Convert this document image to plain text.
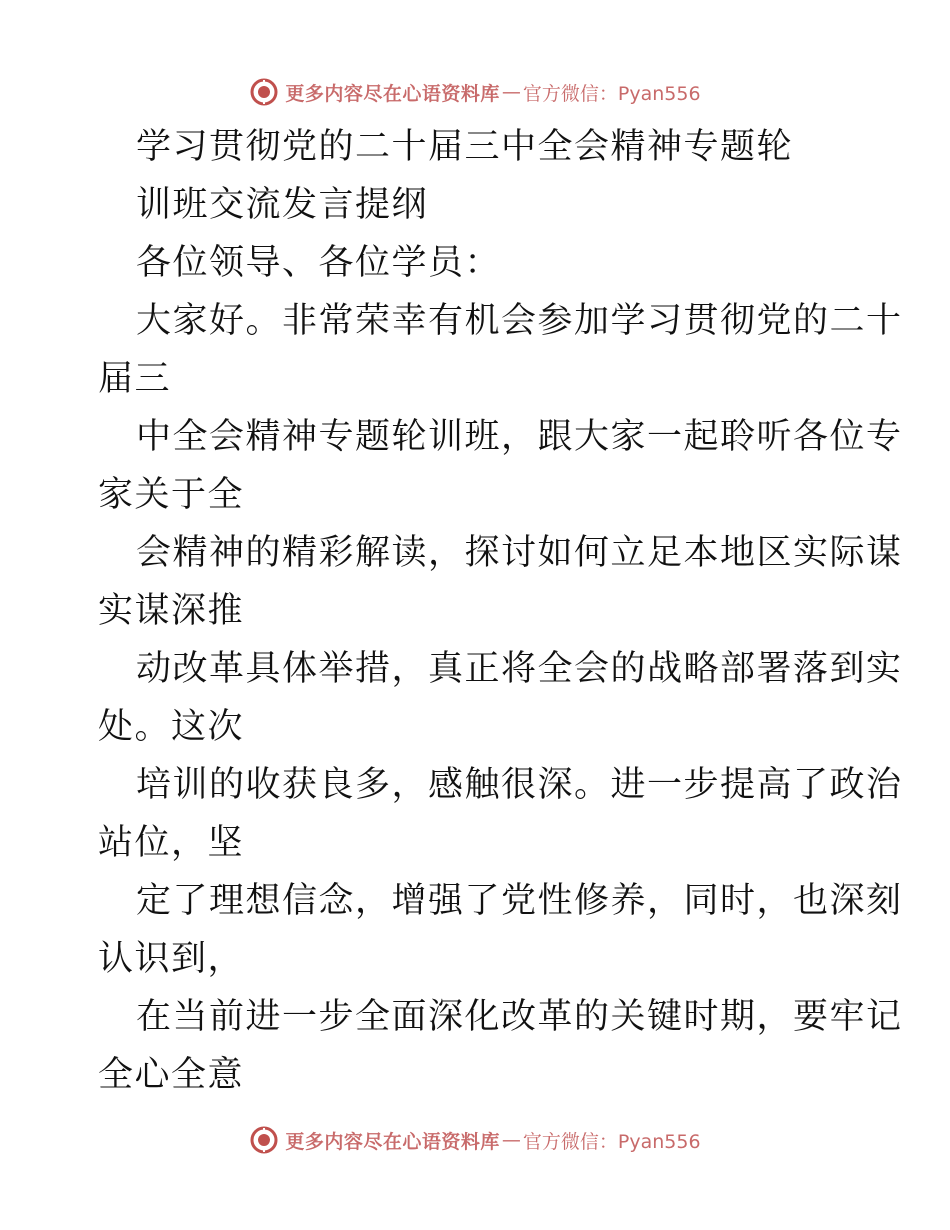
更多内容尽在心语资料库 — 官方微信：Pyan556
学习贯彻党的二十届三中全会精神专题轮
训班交流发言提纲
各位领导、各位学员：
大家好。非常荣幸有机会参加学习贯彻党的二十
届三
中全会精神专题轮训班，跟大家一起聆听各位专
家关于全
会精神的精彩解读，探讨如何立足本地区实际谋
实谋深推
动改革具体举措，真正将全会的战略部署落到实
处。这次
培训的收获良多，感触很深。进一步提高了政治
站位，坚
定了理想信念，增强了党性修养，同时，也深刻
认识到，
在当前进一步全面深化改革的关键时期，要牢记
全心全意
更多内容尽在心语资料库 — 官方微信：Pyan556
